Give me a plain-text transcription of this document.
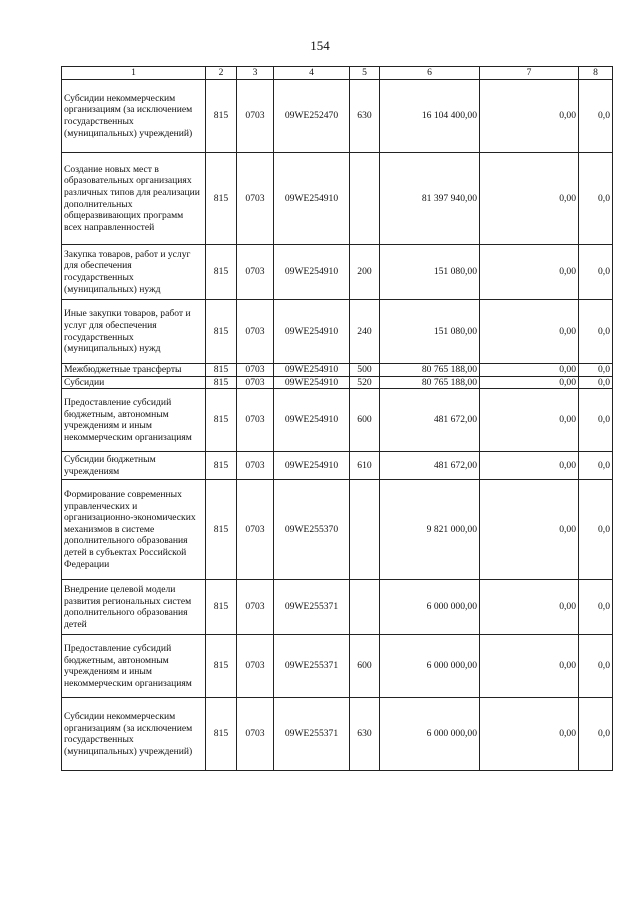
154
1	2	3	4	5	6	7	8
Субсидии некоммерческим организациям (за исключением государственных (муниципальных) учреждений)	815	0703	09WE252470	630	16 104 400,00	0,00	0,0
Создание новых мест в образовательных организациях различных типов для реализации дополнительных общеразвивающих программ всех направленностей	815	0703	09WE254910		81 397 940,00	0,00	0,0
Закупка товаров, работ и услуг для обеспечения государственных (муниципальных) нужд	815	0703	09WE254910	200	151 080,00	0,00	0,0
Иные закупки товаров, работ и услуг для обеспечения государственных (муниципальных) нужд	815	0703	09WE254910	240	151 080,00	0,00	0,0
Межбюджетные трансферты	815	0703	09WE254910	500	80 765 188,00	0,00	0,0
Субсидии	815	0703	09WE254910	520	80 765 188,00	0,00	0,0
Предоставление субсидий бюджетным, автономным учреждениям и иным некоммерческим организациям	815	0703	09WE254910	600	481 672,00	0,00	0,0
Субсидии бюджетным учреждениям	815	0703	09WE254910	610	481 672,00	0,00	0,0
Формирование современных управленческих и организационно-экономических механизмов в системе дополнительного образования детей в субъектах Российской Федерации	815	0703	09WE255370		9 821 000,00	0,00	0,0
Внедрение целевой модели развития региональных систем дополнительного образования детей	815	0703	09WE255371		6 000 000,00	0,00	0,0
Предоставление субсидий бюджетным, автономным учреждениям и иным некоммерческим организациям	815	0703	09WE255371	600	6 000 000,00	0,00	0,0
Субсидии некоммерческим организациям (за исключением государственных (муниципальных) учреждений)	815	0703	09WE255371	630	6 000 000,00	0,00	0,0
